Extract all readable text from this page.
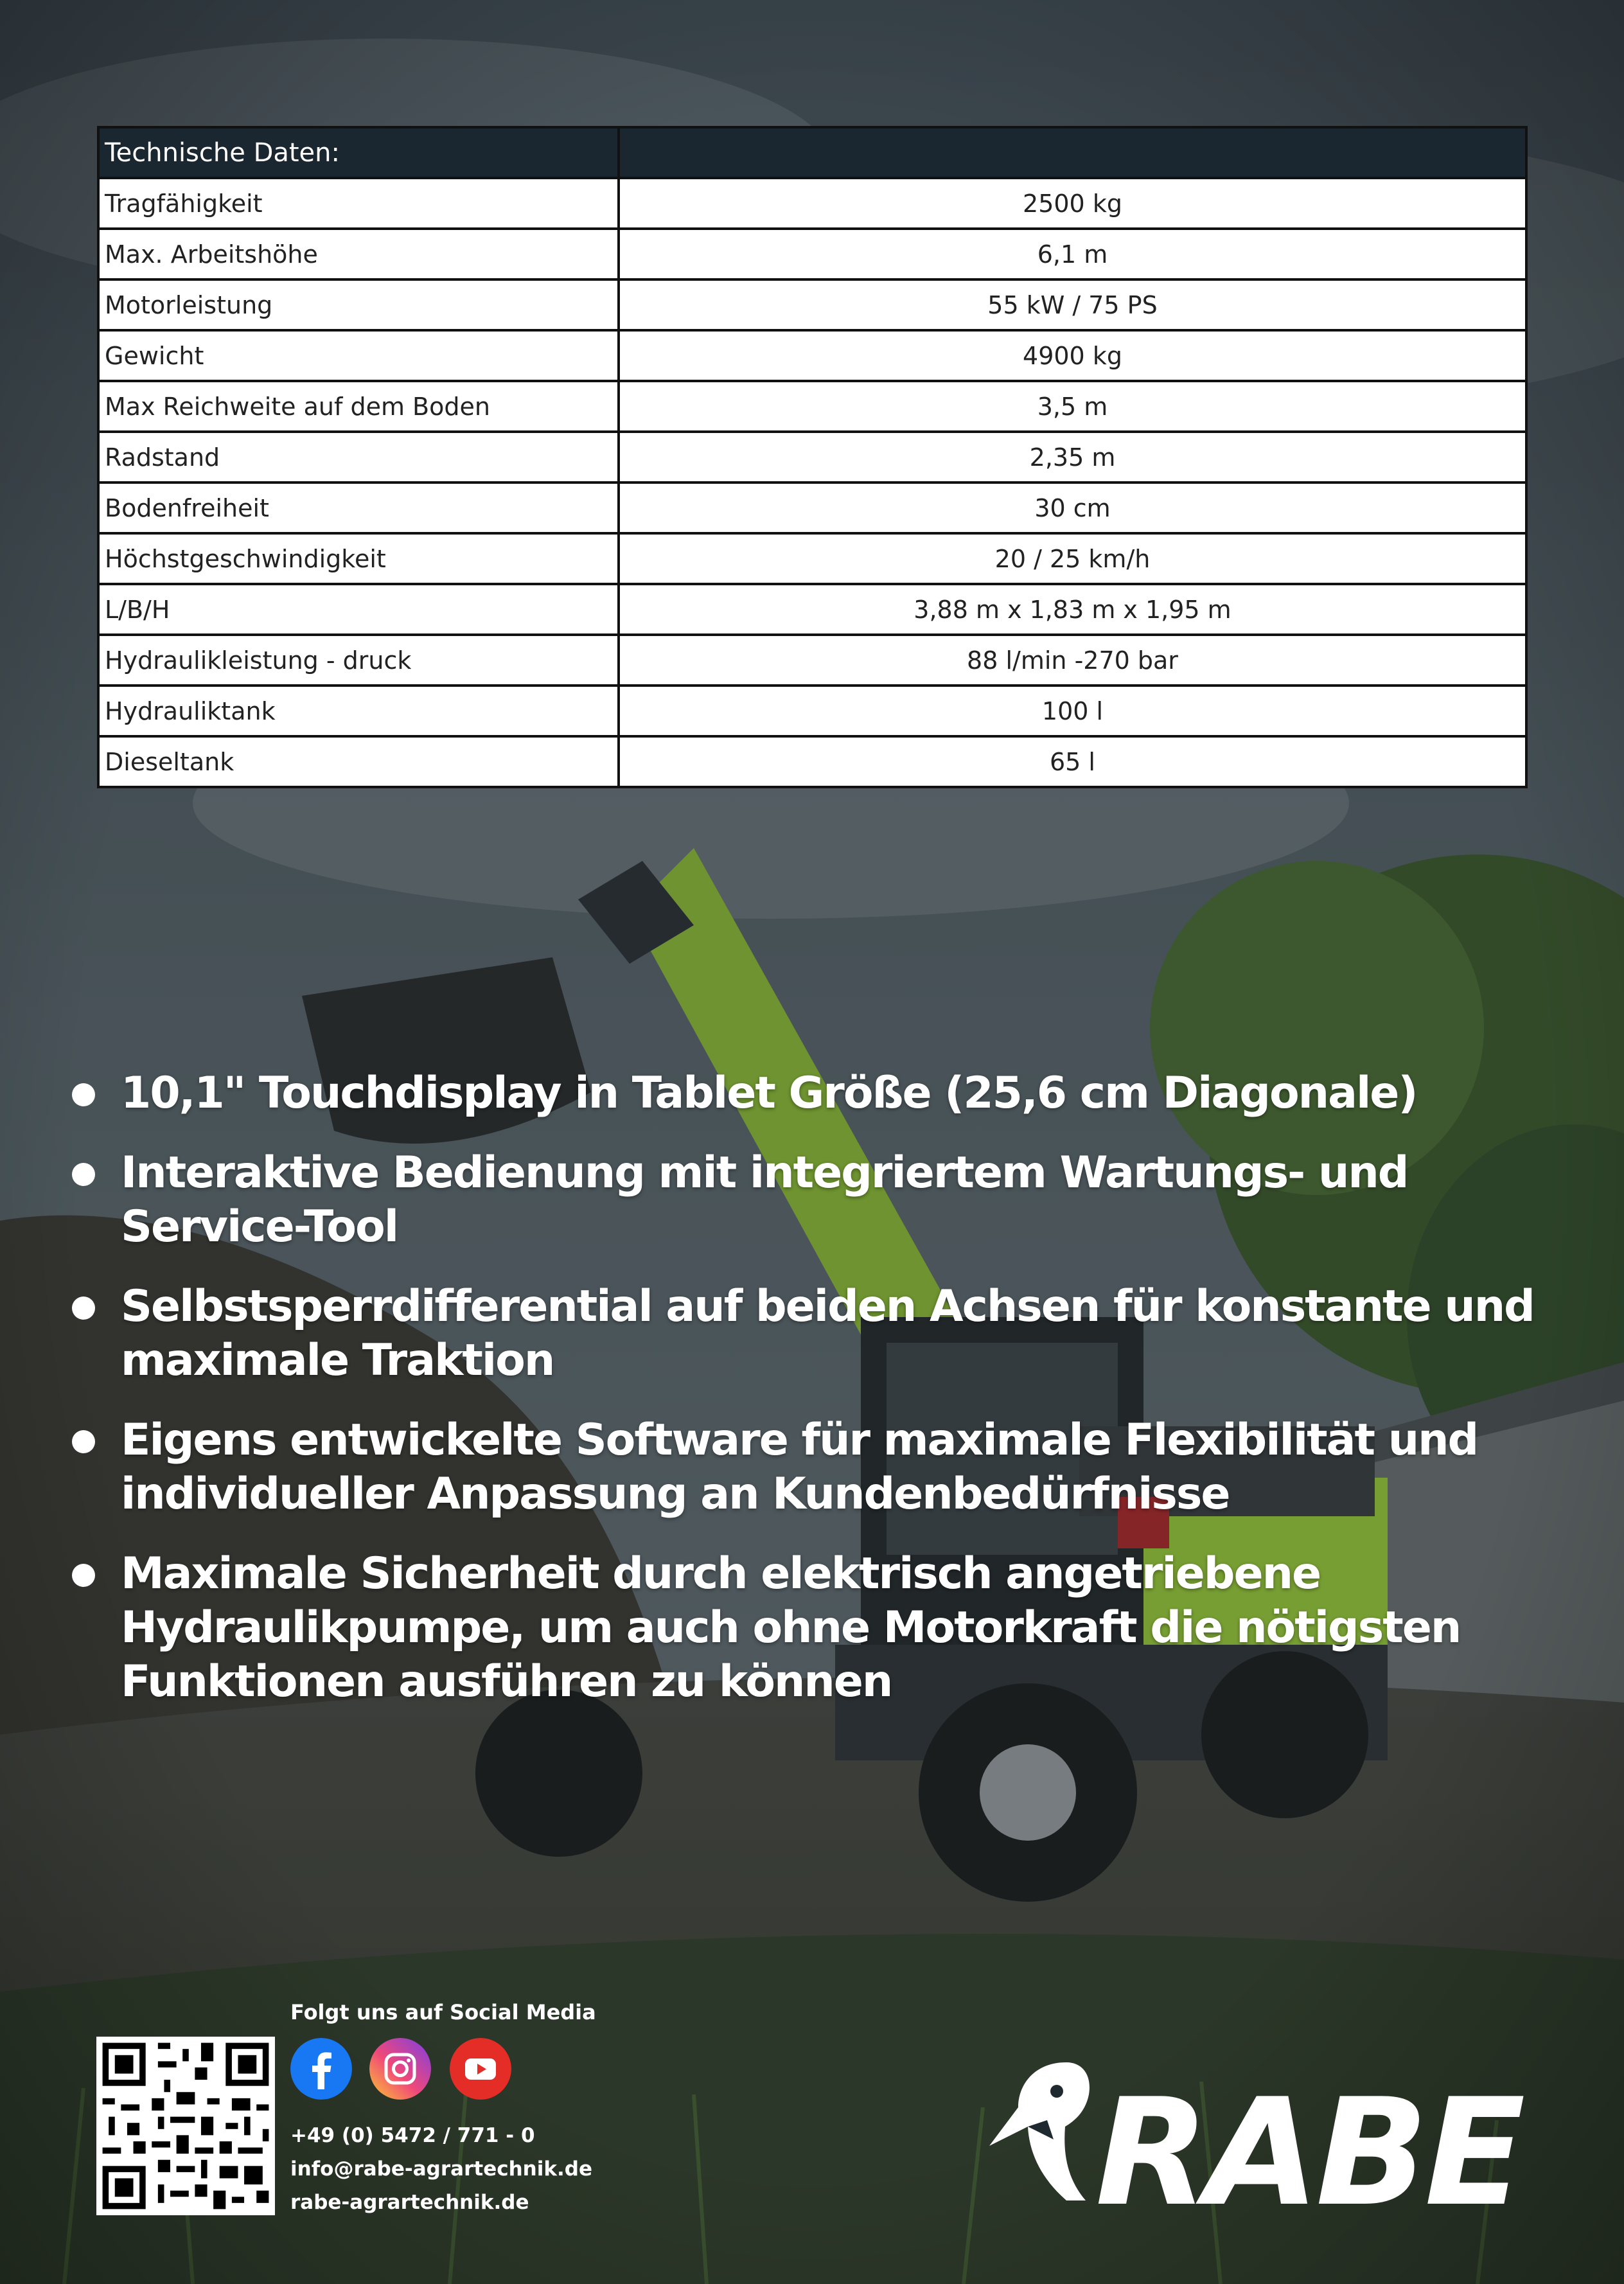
Technische Daten:	
Tragfähigkeit	2500 kg
Max. Arbeitshöhe	6,1 m
Motorleistung	55 kW / 75 PS
Gewicht	4900 kg
Max Reichweite auf dem Boden	3,5 m
Radstand	2,35 m
Bodenfreiheit	30 cm
Höchstgeschwindigkeit	20 / 25 km/h
L/B/H	3,88 m x 1,83 m x 1,95 m
Hydraulikleistung - druck	88 l/min -270 bar
Hydrauliktank	100 l
Dieseltank	65 l
10,1" Touchdisplay in Tablet Größe (25,6 cm Diagonale)
Interaktive Bedienung mit integriertem Wartungs- und Service-Tool
Selbstsperrdifferential auf beiden Achsen für konstante und maximale Traktion
Eigens entwickelte Software für maximale Flexibilität und individueller Anpassung an Kundenbedürfnisse
Maximale Sicherheit durch elektrisch angetriebene Hydraulikpumpe, um auch ohne Motorkraft die nötigsten Funktionen ausführen zu können
Folgt uns auf Social Media
+49 (0) 5472 / 771 - 0
info@rabe-agrartechnik.de
rabe-agrartechnik.de	RABE
